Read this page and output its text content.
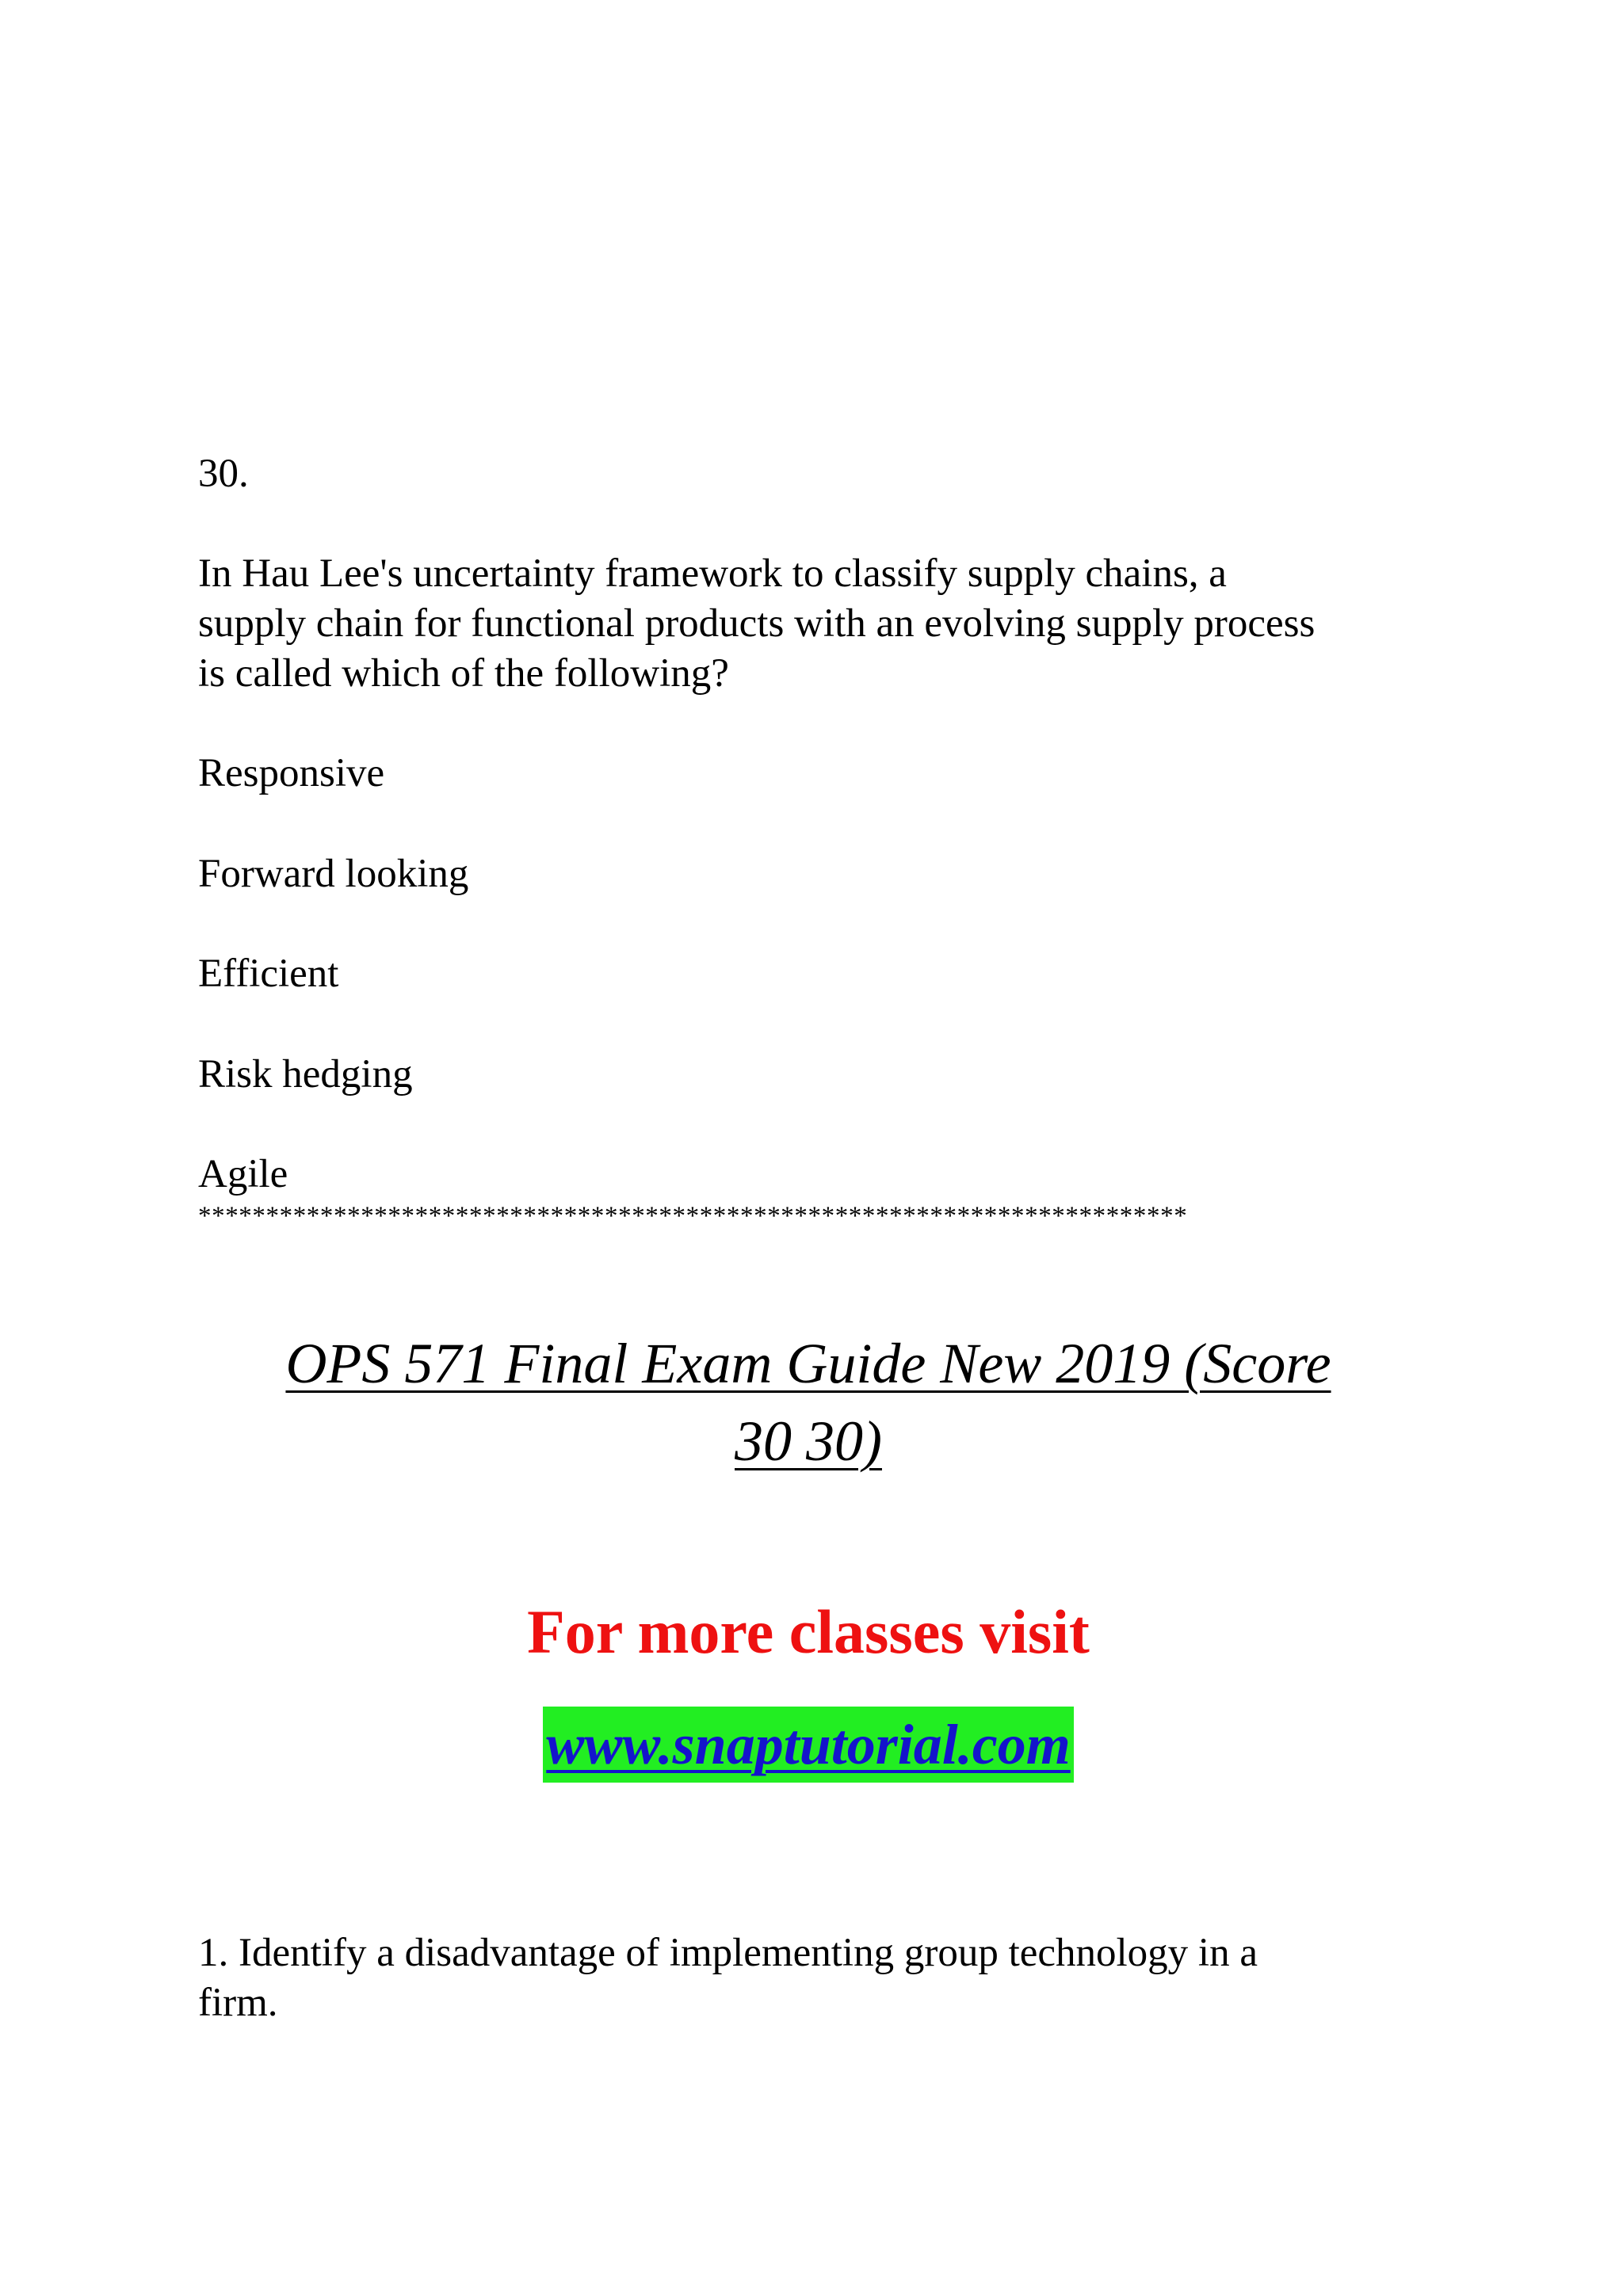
30.
In Hau Lee's uncertainty framework to classify supply chains, a
supply chain for functional products with an evolving supply process
is called which of the following?
Responsive
Forward looking
Efficient
Risk hedging
Agile
*************************************************************************
OPS 571 Final Exam Guide New 2019 (Score
30 30)
For more classes visit
www.snaptutorial.com
1. Identify a disadvantage of implementing group technology in a
firm.
